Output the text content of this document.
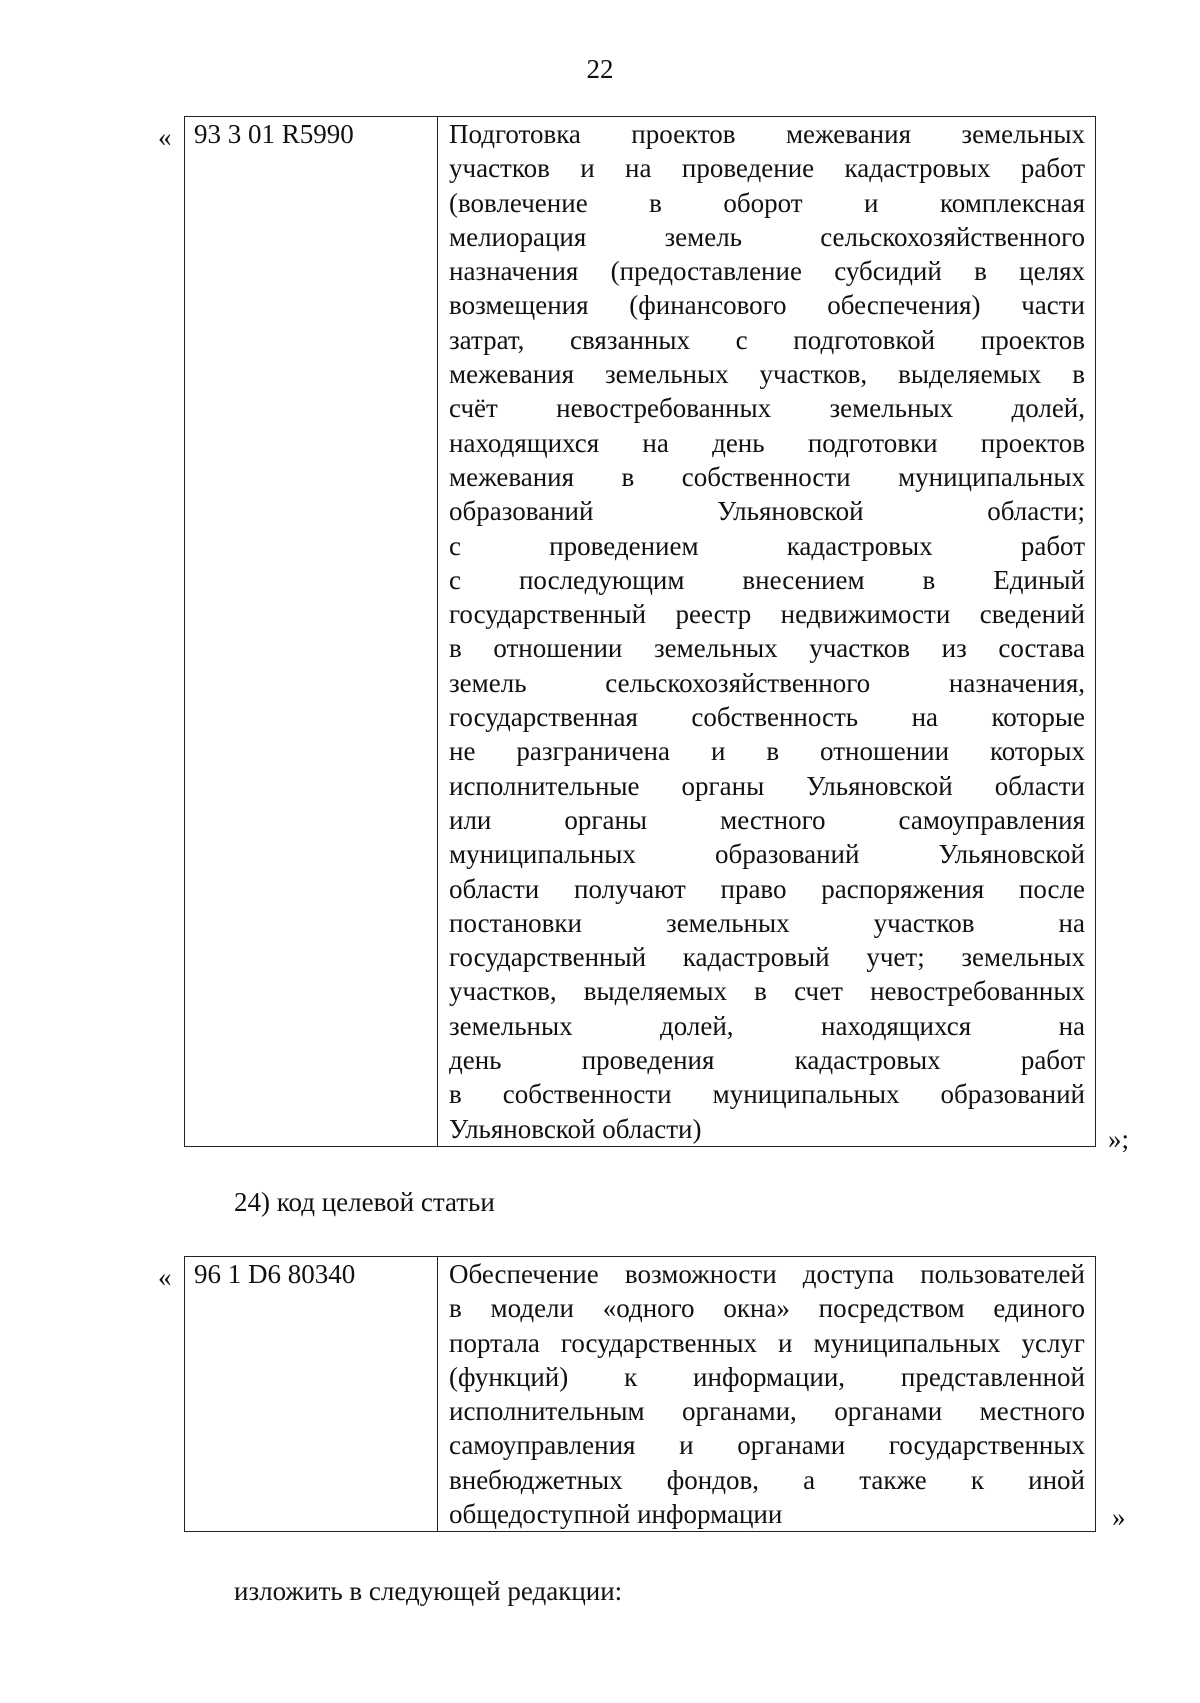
22
« 93 3 01 R5990	Подготовка проектов межевания земельных
участков и на проведение кадастровых работ
(вовлечение в оборот и комплексная
мелиорация земель сельскохозяйственного
назначения (предоставление субсидий в целях
возмещения (финансового обеспечения) части
затрат, связанных с подготовкой проектов
межевания земельных участков, выделяемых в
счёт невостребованных земельных долей,
находящихся на день подготовки проектов
межевания в собственности муниципальных
образований Ульяновской области;
с проведением кадастровых работ
с последующим внесением в Единый
государственный реестр недвижимости сведений
в отношении земельных участков из состава
земель сельскохозяйственного назначения,
государственная собственность на которые
не разграничена и в отношении которых
исполнительные органы Ульяновской области
или органы местного самоуправления
муниципальных образований Ульяновской
области получают право распоряжения после
постановки земельных участков на
государственный кадастровый учет; земельных
участков, выделяемых в счет невостребованных
земельных долей, находящихся на
день проведения кадастровых работ
в собственности муниципальных образований
Ульяновской области)	»;
24) код целевой статьи
« 96 1 D6 80340	Обеспечение возможности доступа пользователей
в модели «одного окна» посредством единого
портала государственных и муниципальных услуг
(функций) к информации, представленной
исполнительным органами, органами местного
самоуправления и органами государственных
внебюджетных фондов, а также к иной
общедоступной информации	»
изложить в следующей редакции:
